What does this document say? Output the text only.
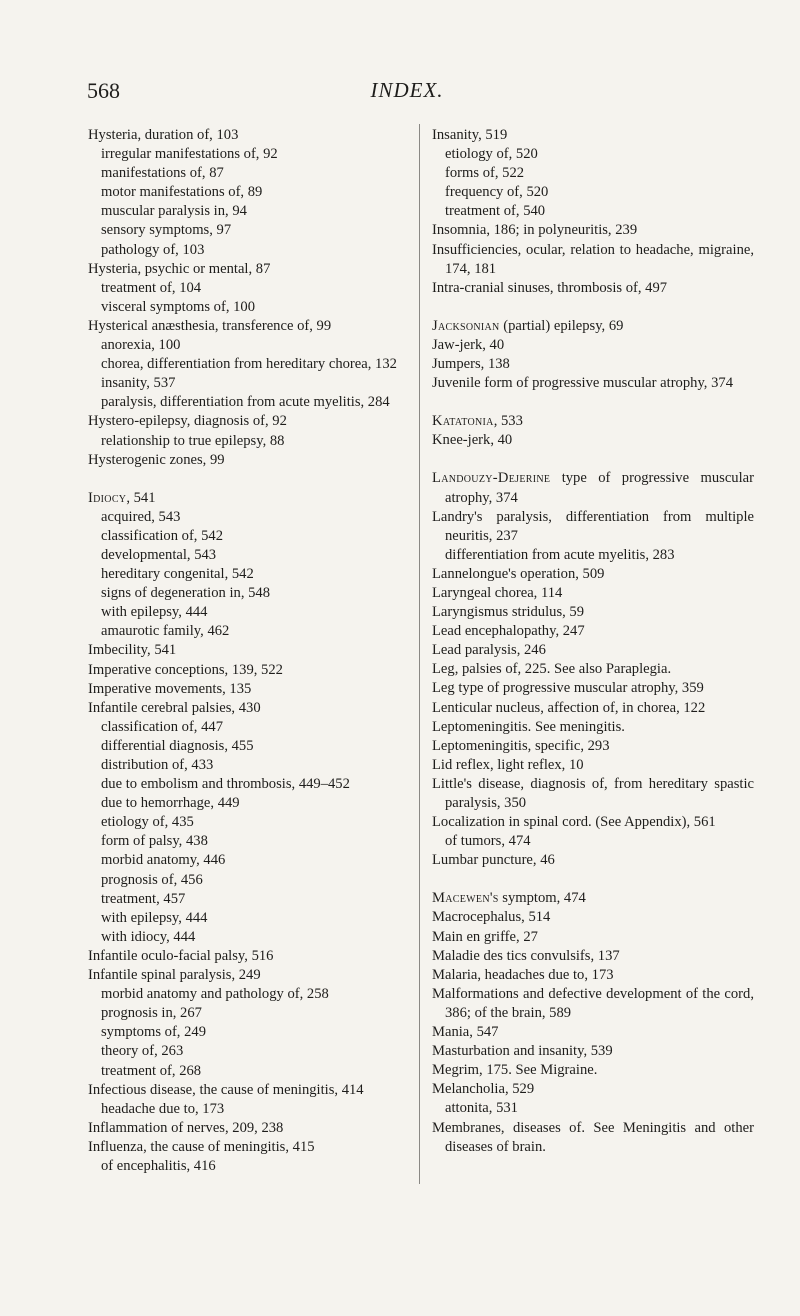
568	INDEX.
Hysteria, duration of, 103
irregular manifestations of, 92
manifestations of, 87
motor manifestations of, 89
muscular paralysis in, 94
sensory symptoms, 97
pathology of, 103
Hysteria, psychic or mental, 87
treatment of, 104
visceral symptoms of, 100
Hysterical anæsthesia, transference of, 99
anorexia, 100
chorea, differentiation from hereditary chorea, 132
insanity, 537
paralysis, differentiation from acute myelitis, 284
Hystero-epilepsy, diagnosis of, 92
relationship to true epilepsy, 88
Hysterogenic zones, 99
Idiocy, 541
acquired, 543
classification of, 542
developmental, 543
hereditary congenital, 542
signs of degeneration in, 548
with epilepsy, 444
amaurotic family, 462
Imbecility, 541
Imperative conceptions, 139, 522
Imperative movements, 135
Infantile cerebral palsies, 430
classification of, 447
differential diagnosis, 455
distribution of, 433
due to embolism and thrombosis, 449–452
due to hemorrhage, 449
etiology of, 435
form of palsy, 438
morbid anatomy, 446
prognosis of, 456
treatment, 457
with epilepsy, 444
with idiocy, 444
Infantile oculo-facial palsy, 516
Infantile spinal paralysis, 249
morbid anatomy and pathology of, 258
prognosis in, 267
symptoms of, 249
theory of, 263
treatment of, 268
Infectious disease, the cause of meningitis, 414
headache due to, 173
Inflammation of nerves, 209, 238
Influenza, the cause of meningitis, 415
of encephalitis, 416
Insanity, 519
etiology of, 520
forms of, 522
frequency of, 520
treatment of, 540
Insomnia, 186; in polyneuritis, 239
Insufficiencies, ocular, relation to headache, migraine, 174, 181
Intra-cranial sinuses, thrombosis of, 497
Jacksonian (partial) epilepsy, 69
Jaw-jerk, 40
Jumpers, 138
Juvenile form of progressive muscular atrophy, 374
Katatonia, 533
Knee-jerk, 40
Landouzy-Dejerine type of progressive muscular atrophy, 374
Landry's paralysis, differentiation from multiple neuritis, 237
differentiation from acute myelitis, 283
Lannelongue's operation, 509
Laryngeal chorea, 114
Laryngismus stridulus, 59
Lead encephalopathy, 247
Lead paralysis, 246
Leg, palsies of, 225. See also Paraplegia.
Leg type of progressive muscular atrophy, 359
Lenticular nucleus, affection of, in chorea, 122
Leptomeningitis. See meningitis.
Leptomeningitis, specific, 293
Lid reflex, light reflex, 10
Little's disease, diagnosis of, from hereditary spastic paralysis, 350
Localization in spinal cord. (See Appendix), 561
of tumors, 474
Lumbar puncture, 46
Macewen's symptom, 474
Macrocephalus, 514
Main en griffe, 27
Maladie des tics convulsifs, 137
Malaria, headaches due to, 173
Malformations and defective development of the cord, 386; of the brain, 589
Mania, 547
Masturbation and insanity, 539
Megrim, 175. See Migraine.
Melancholia, 529
attonita, 531
Membranes, diseases of. See Meningitis and other diseases of brain.
